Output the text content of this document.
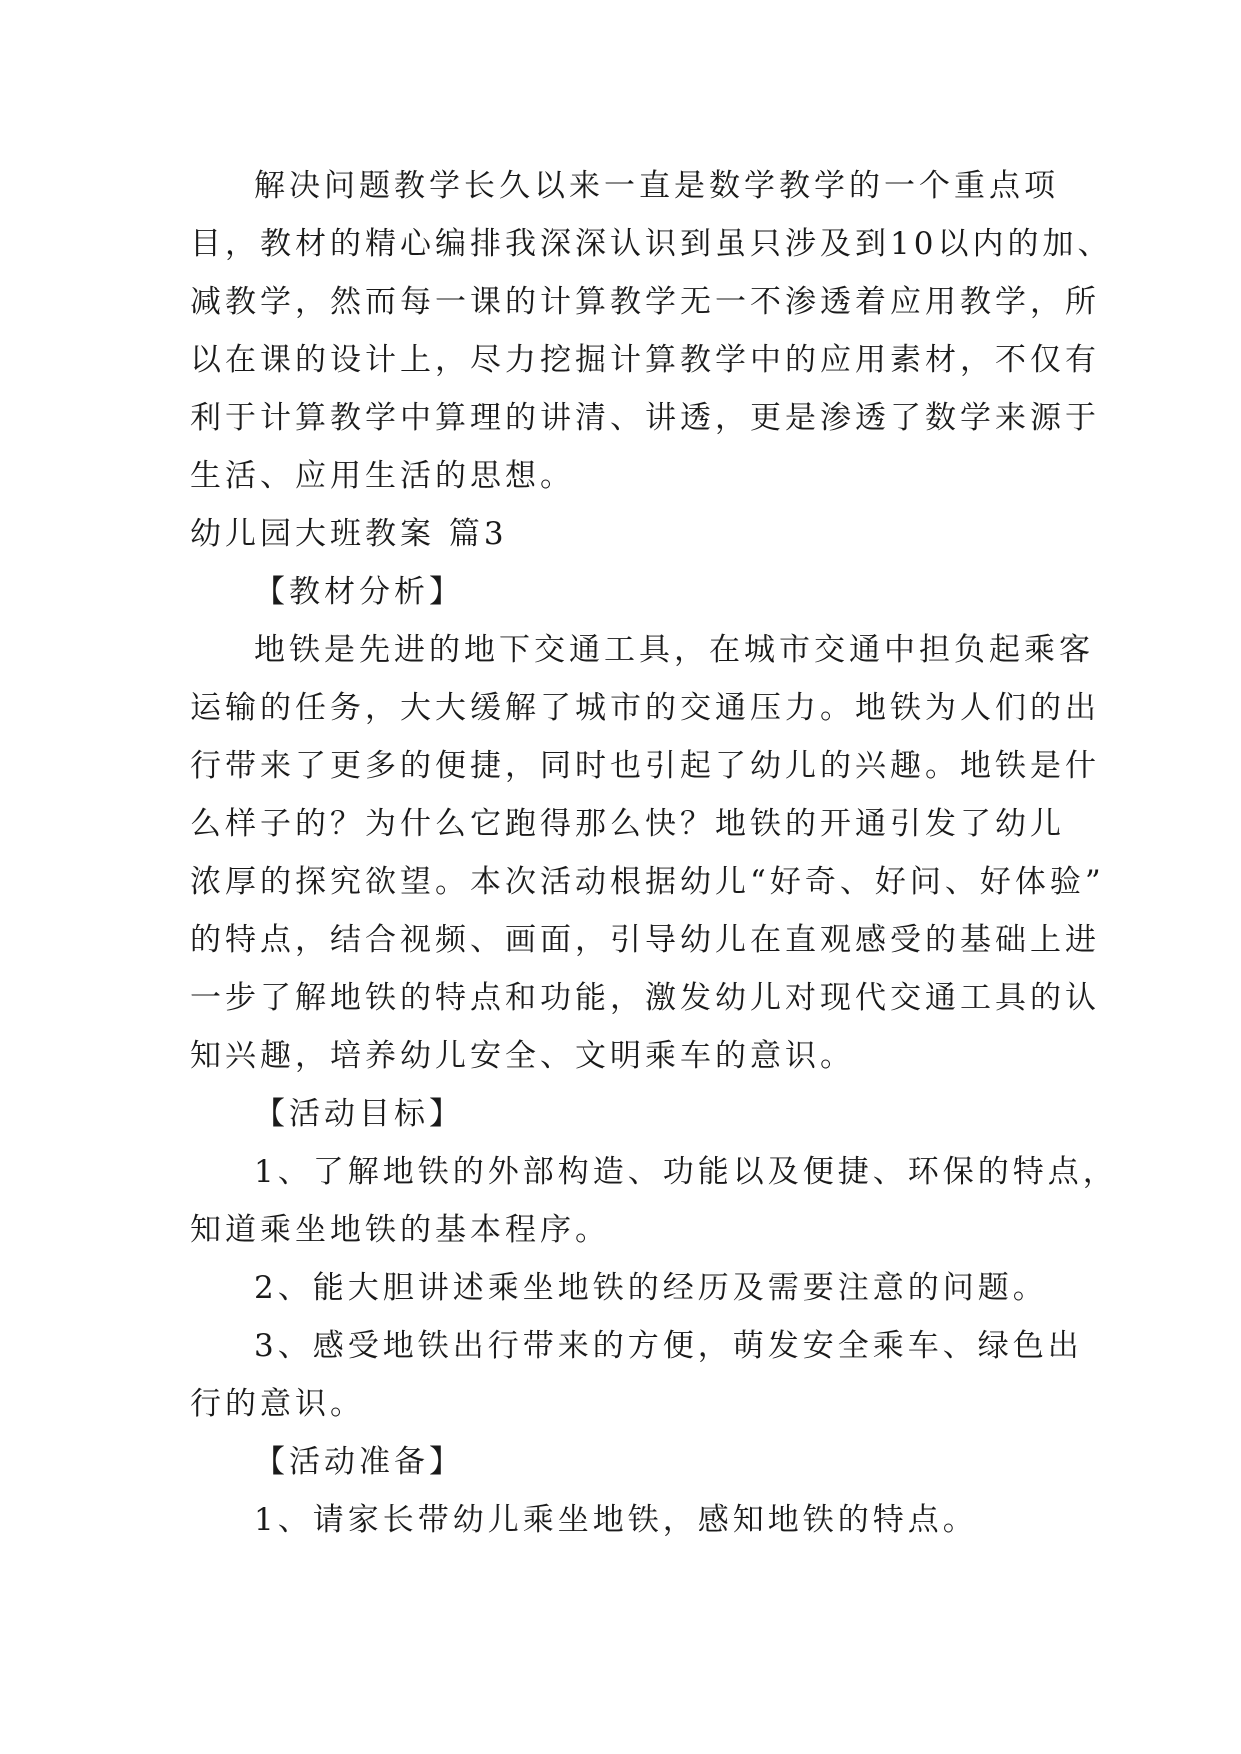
解决问题教学长久以来一直是数学教学的一个重点项
目，教材的精心编排我深深认识到虽只涉及到10以内的加、
减教学，然而每一课的计算教学无一不渗透着应用教学，所
以在课的设计上，尽力挖掘计算教学中的应用素材，不仅有
利于计算教学中算理的讲清、讲透，更是渗透了数学来源于
生活、应用生活的思想。
幼儿园大班教案 篇3
【教材分析】
地铁是先进的地下交通工具，在城市交通中担负起乘客
运输的任务，大大缓解了城市的交通压力。地铁为人们的出
行带来了更多的便捷，同时也引起了幼儿的兴趣。地铁是什
么样子的？为什么它跑得那么快？地铁的开通引发了幼儿
浓厚的探究欲望。本次活动根据幼儿“好奇、好问、好体验”
的特点，结合视频、画面，引导幼儿在直观感受的基础上进
一步了解地铁的特点和功能，激发幼儿对现代交通工具的认
知兴趣，培养幼儿安全、文明乘车的意识。
【活动目标】
1、了解地铁的外部构造、功能以及便捷、环保的特点，
知道乘坐地铁的基本程序。
2、能大胆讲述乘坐地铁的经历及需要注意的问题。
3、感受地铁出行带来的方便，萌发安全乘车、绿色出
行的意识。
【活动准备】
1、请家长带幼儿乘坐地铁，感知地铁的特点。
